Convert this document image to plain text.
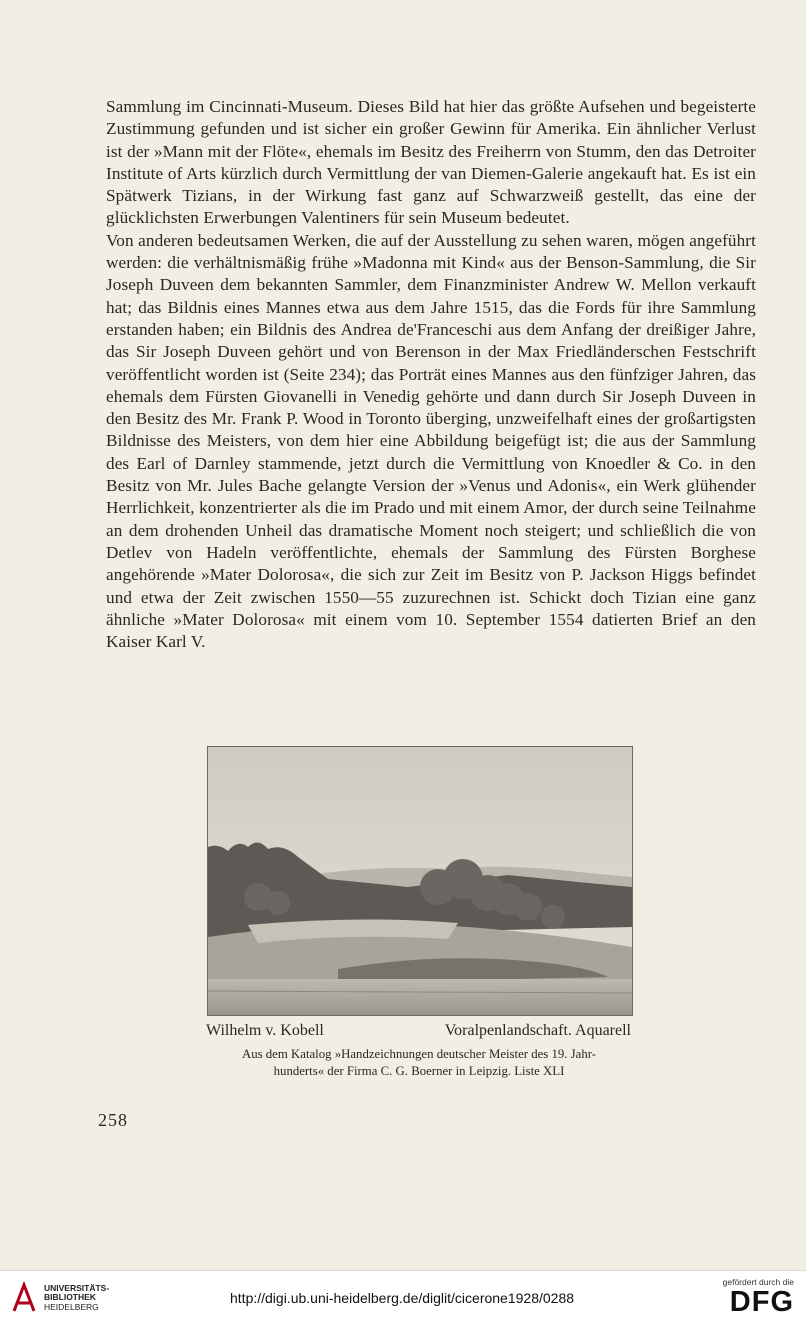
Sammlung im Cincinnati-Museum. Dieses Bild hat hier das größte Aufsehen und begeisterte Zustimmung gefunden und ist sicher ein großer Gewinn für Amerika. Ein ähnlicher Verlust ist der »Mann mit der Flöte«, ehemals im Besitz des Freiherrn von Stumm, den das Detroiter Institute of Arts kürzlich durch Vermittlung der van Diemen-Galerie angekauft hat. Es ist ein Spätwerk Tizians, in der Wirkung fast ganz auf Schwarzweiß gestellt, das eine der glücklichsten Erwerbungen Valentiners für sein Museum bedeutet.

Von anderen bedeutsamen Werken, die auf der Ausstellung zu sehen waren, mögen angeführt werden: die verhältnismäßig frühe »Madonna mit Kind« aus der Benson-Sammlung, die Sir Joseph Duveen dem bekannten Sammler, dem Finanzminister Andrew W. Mellon verkauft hat; das Bildnis eines Mannes etwa aus dem Jahre 1515, das die Fords für ihre Sammlung erstanden haben; ein Bildnis des Andrea de'Franceschi aus dem Anfang der dreißiger Jahre, das Sir Joseph Duveen gehört und von Berenson in der Max Friedländerschen Festschrift veröffentlicht worden ist (Seite 234); das Porträt eines Mannes aus den fünfziger Jahren, das ehemals dem Fürsten Giovanelli in Venedig gehörte und dann durch Sir Joseph Duveen in den Besitz des Mr. Frank P. Wood in Toronto überging, unzweifelhaft eines der großartigsten Bildnisse des Meisters, von dem hier eine Abbildung beigefügt ist; die aus der Sammlung des Earl of Darnley stammende, jetzt durch die Vermittlung von Knoedler & Co. in den Besitz von Mr. Jules Bache gelangte Version der »Venus und Adonis«, ein Werk glühender Herrlichkeit, konzentrierter als die im Prado und mit einem Amor, der durch seine Teilnahme an dem drohenden Unheil das dramatische Moment noch steigert; und schließlich die von Detlev von Hadeln veröffentlichte, ehemals der Sammlung des Fürsten Borghese angehörende »Mater Dolorosa«, die sich zur Zeit im Besitz von P. Jackson Higgs befindet und etwa der Zeit zwischen 1550—55 zuzurechnen ist. Schickt doch Tizian eine ganz ähnliche »Mater Dolorosa« mit einem vom 10. September 1554 datierten Brief an den Kaiser Karl V.

Wilhelm v. Kobell	Voralpenlandschaft. Aquarell
Aus dem Katalog »Handzeichnungen deutscher Meister des 19. Jahr-
hunderts« der Firma C. G. Boerner in Leipzig. Liste XLI
258
UNIVERSITÄTS-
BIBLIOTHEK
HEIDELBERG
http://digi.ub.uni-heidelberg.de/diglit/cicerone1928/0288
gefördert durch die
DFG
